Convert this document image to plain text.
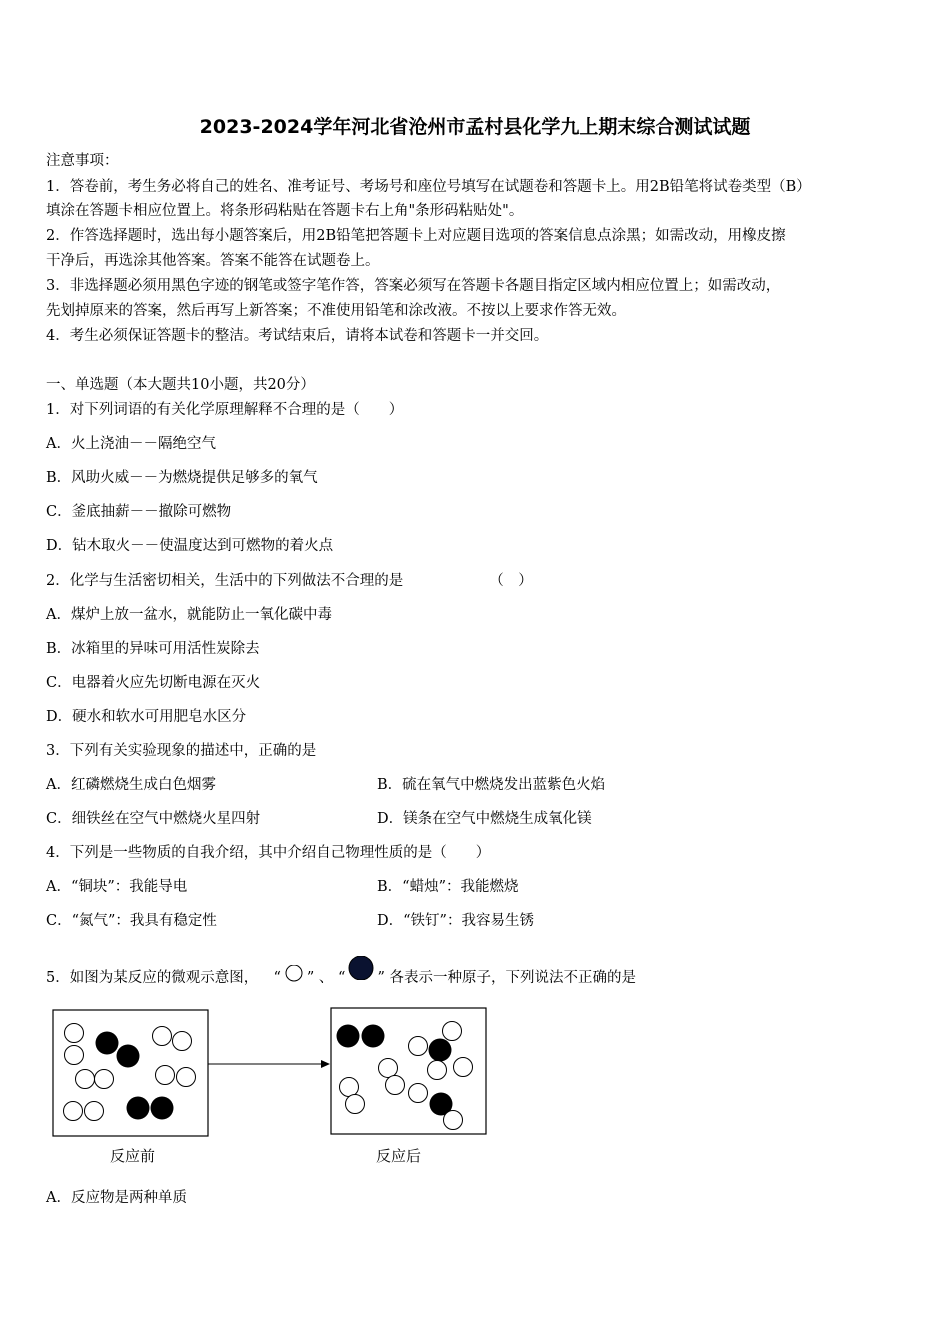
2023-2024学年河北省沧州市孟村县化学九上期末综合测试试题
注意事项：
1．答卷前，考生务必将自己的姓名、准考证号、考场号和座位号填写在试题卷和答题卡上。用2B铅笔将试卷类型（B）
填涂在答题卡相应位置上。将条形码粘贴在答题卡右上角"条形码粘贴处"。
2．作答选择题时，选出每小题答案后，用2B铅笔把答题卡上对应题目选项的答案信息点涂黑；如需改动，用橡皮擦
干净后，再选涂其他答案。答案不能答在试题卷上。
3．非选择题必须用黑色字迹的钢笔或签字笔作答，答案必须写在答题卡各题目指定区域内相应位置上；如需改动，
先划掉原来的答案，然后再写上新答案；不准使用铅笔和涂改液。不按以上要求作答无效。
4．考生必须保证答题卡的整洁。考试结束后，请将本试卷和答题卡一并交回。
一、单选题（本大题共10小题，共20分）
1．对下列词语的有关化学原理解释不合理的是（　　）
A．火上浇油－－隔绝空气
B．风助火威－－为燃烧提供足够多的氧气
C．釜底抽薪－－撤除可燃物
D．钻木取火－－使温度达到可燃物的着火点
2．化学与生活密切相关，生活中的下列做法不合理的是	（　）
A．煤炉上放一盆水，就能防止一氧化碳中毒
B．冰箱里的异味可用活性炭除去
C．电器着火应先切断电源在灭火
D．硬水和软水可用肥皂水区分
3．下列有关实验现象的描述中，正确的是
A．红磷燃烧生成白色烟雾	B．硫在氧气中燃烧发出蓝紫色火焰
C．细铁丝在空气中燃烧火星四射	D．镁条在空气中燃烧生成氧化镁
4．下列是一些物质的自我介绍，其中介绍自己物理性质的是（　　）
A．“铜块”：我能导电	B．“蜡烛”：我能燃烧
C．“氮气”：我具有稳定性	D．“铁钉”：我容易生锈
5．如图为某反应的微观示意图， “ ” 、 “ ” 各表示一种原子，下列说法不正确的是
反应前	反应后
A．反应物是两种单质
